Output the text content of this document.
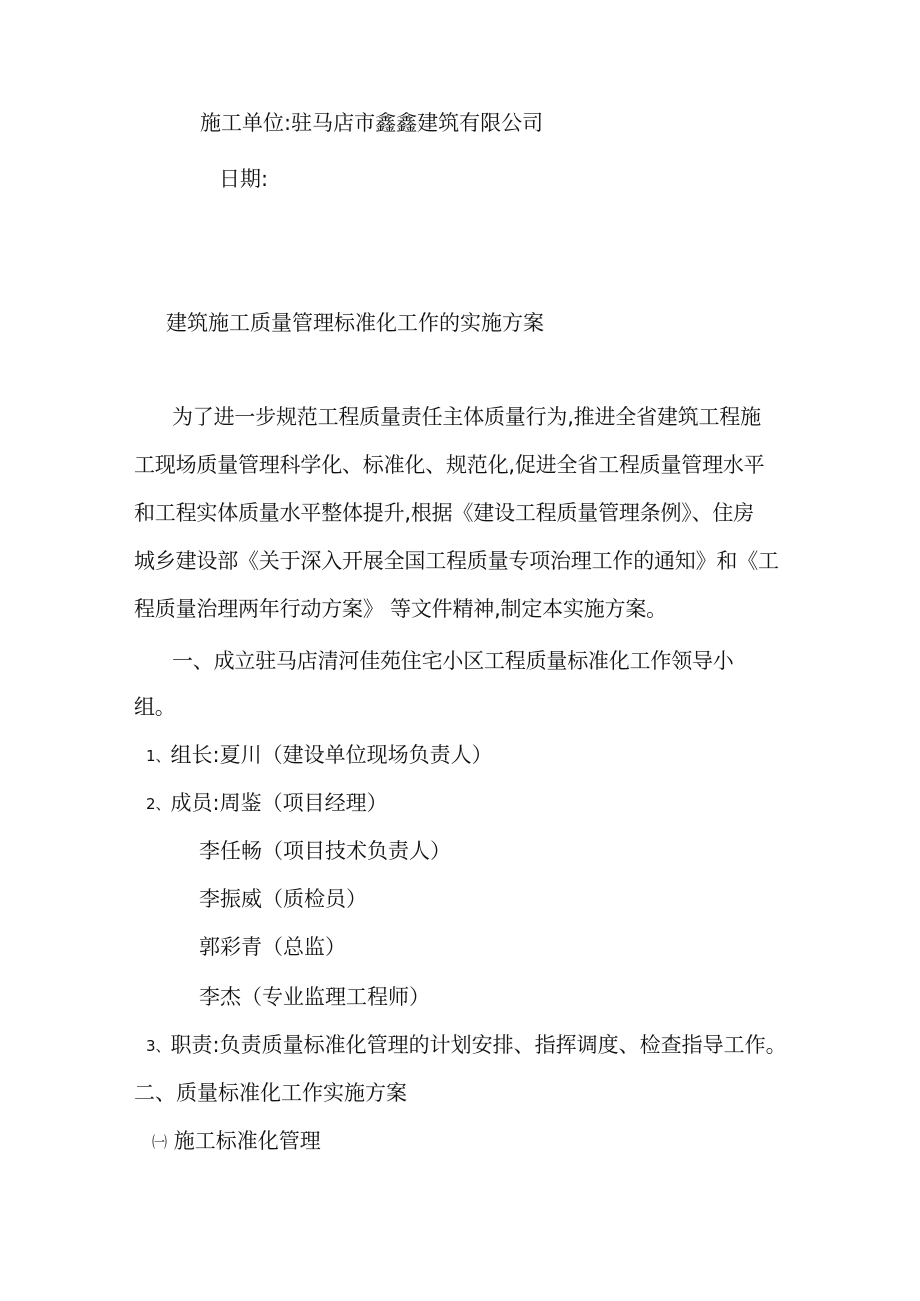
施工单位:驻马店市鑫鑫建筑有限公司
日期:
建筑施工质量管理标准化工作的实施方案
为了进一步规范工程质量责任主体质量行为,推进全省建筑工程施
工现场质量管理科学化、标准化、规范化,促进全省工程质量管理水平
和工程实体质量水平整体提升,根据《建设工程质量管理条例》、住房
城乡建设部《关于深入开展全国工程质量专项治理工作的通知》和《工
程质量治理两年行动方案》 等文件精神,制定本实施方案。
一、成立驻马店清河佳苑住宅小区工程质量标准化工作领导小
组。
1、组长:夏川（建设单位现场负责人）
2、成员:周鉴（项目经理）
李任畅（项目技术负责人）
李振威（质检员）
郭彩青（总监）
李杰（专业监理工程师）
3、职责:负责质量标准化管理的计划安排、指挥调度、检查指导工作。
二、质量标准化工作实施方案
㈠ 施工标准化管理
